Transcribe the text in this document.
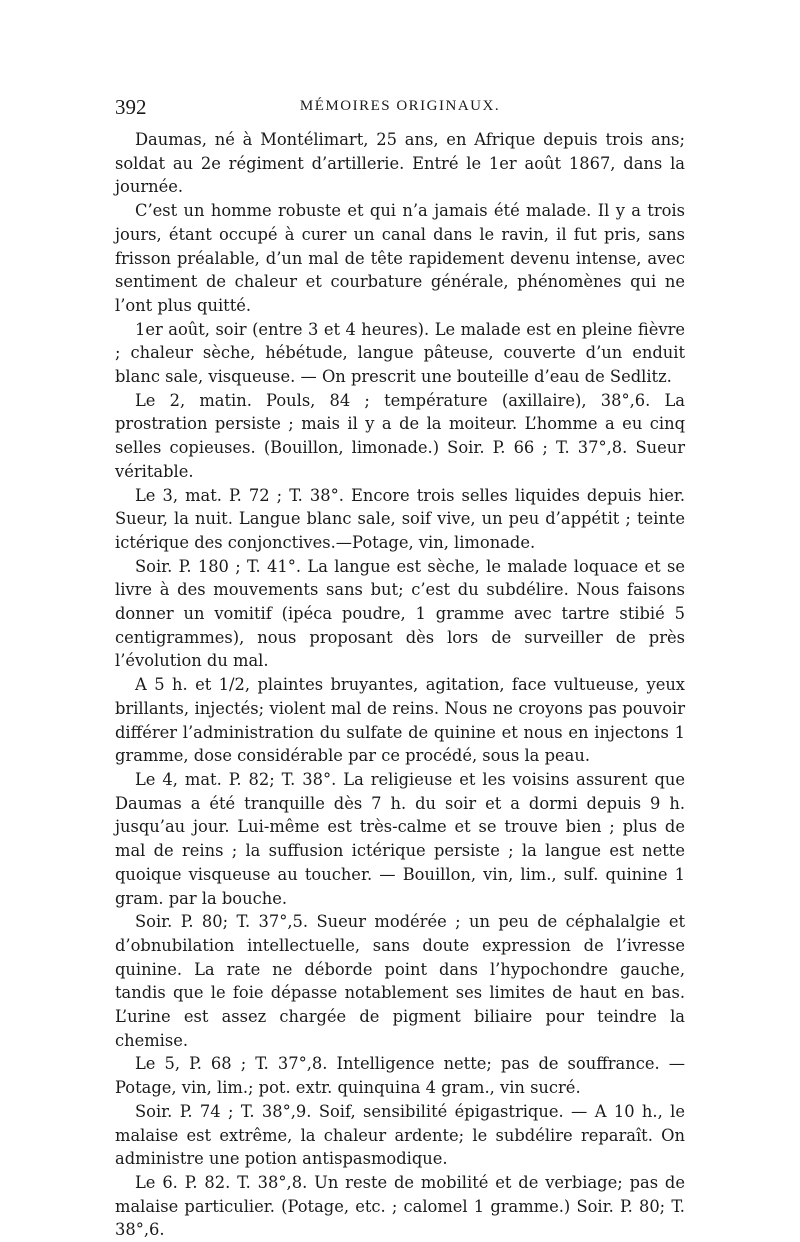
392	MÉMOIRES ORIGINAUX.

Daumas, né à Montélimart, 25 ans, en Afrique depuis trois ans; soldat au 2e régiment d’artillerie. Entré le 1er août 1867, dans la journée.

C’est un homme robuste et qui n’a jamais été malade. Il y a trois jours, étant occupé à curer un canal dans le ravin, il fut pris, sans frisson préalable, d’un mal de tête rapidement devenu intense, avec sentiment de chaleur et courbature générale, phénomènes qui ne l’ont plus quitté.

1er août, soir (entre 3 et 4 heures). Le malade est en pleine fièvre ; chaleur sèche, hébétude, langue pâteuse, couverte d’un enduit blanc sale, visqueuse. — On prescrit une bouteille d’eau de Sedlitz.

Le 2, matin. Pouls, 84 ; température (axillaire), 38°,6. La prostration persiste ; mais il y a de la moiteur. L’homme a eu cinq selles copieuses. (Bouillon, limonade.) Soir. P. 66 ; T. 37°,8. Sueur véritable.

Le 3, mat. P. 72 ; T. 38°. Encore trois selles liquides depuis hier. Sueur, la nuit. Langue blanc sale, soif vive, un peu d’appétit ; teinte ictérique des conjonctives.—Potage, vin, limonade.

Soir. P. 180 ; T. 41°. La langue est sèche, le malade loquace et se livre à des mouvements sans but; c’est du subdélire. Nous faisons donner un vomitif (ipéca poudre, 1 gramme avec tartre stibié 5 centigrammes), nous proposant dès lors de surveiller de près l’évolution du mal.

A 5 h. et 1/2, plaintes bruyantes, agitation, face vultueuse, yeux brillants, injectés; violent mal de reins. Nous ne croyons pas pouvoir différer l’administration du sulfate de quinine et nous en injectons 1 gramme, dose considérable par ce procédé, sous la peau.

Le 4, mat. P. 82; T. 38°. La religieuse et les voisins assurent que Daumas a été tranquille dès 7 h. du soir et a dormi depuis 9 h. jusqu’au jour. Lui-même est très-calme et se trouve bien ; plus de mal de reins ; la suffusion ictérique persiste ; la langue est nette quoique visqueuse au toucher. — Bouillon, vin, lim., sulf. quinine 1 gram. par la bouche.

Soir. P. 80; T. 37°,5. Sueur modérée ; un peu de céphalalgie et d’obnubilation intellectuelle, sans doute expression de l’ivresse quinine. La rate ne déborde point dans l’hypochondre gauche, tandis que le foie dépasse notablement ses limites de haut en bas. L’urine est assez chargée de pigment biliaire pour teindre la chemise.

Le 5, P. 68 ; T. 37°,8. Intelligence nette; pas de souffrance. —Potage, vin, lim.; pot. extr. quinquina 4 gram., vin sucré.

Soir. P. 74 ; T. 38°,9. Soif, sensibilité épigastrique. — A 10 h., le malaise est extrême, la chaleur ardente; le subdélire reparaît. On administre une potion antispasmodique.

Le 6. P. 82. T. 38°,8. Un reste de mobilité et de verbiage; pas de malaise particulier. (Potage, etc. ; calomel 1 gramme.) Soir. P. 80; T. 38°,6.
